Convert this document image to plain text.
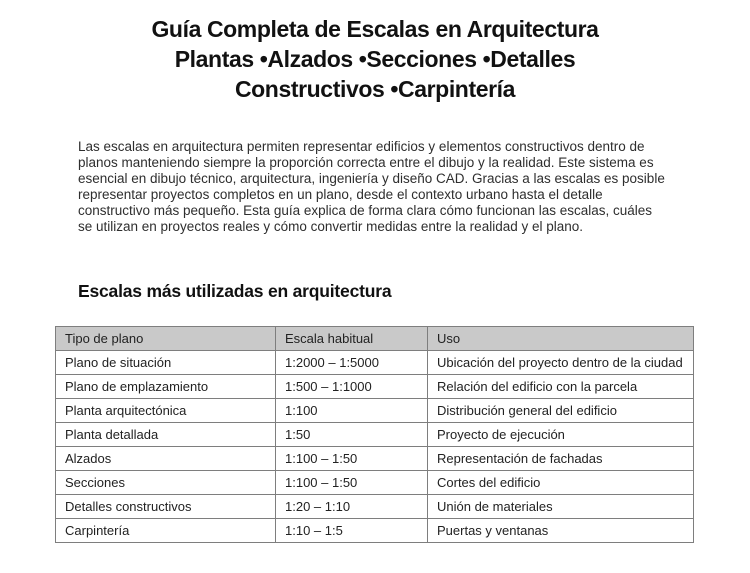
Guía Completa de Escalas en Arquitectura
Plantas •Alzados •Secciones •Detalles
Constructivos •Carpintería

Las escalas en arquitectura permiten representar edificios y elementos constructivos dentro de planos manteniendo siempre la proporción correcta entre el dibujo y la realidad. Este sistema es esencial en dibujo técnico, arquitectura, ingeniería y diseño CAD. Gracias a las escalas es posible representar proyectos completos en un plano, desde el contexto urbano hasta el detalle constructivo más pequeño. Esta guía explica de forma clara cómo funcionan las escalas, cuáles se utilizan en proyectos reales y cómo convertir medidas entre la realidad y el plano.

Escalas más utilizadas en arquitectura
Tipo de plano	Escala habitual	Uso
Plano de situación	1:2000 – 1:5000	Ubicación del proyecto dentro de la ciudad
Plano de emplazamiento	1:500 – 1:1000	Relación del edificio con la parcela
Planta arquitectónica	1:100	Distribución general del edificio
Planta detallada	1:50	Proyecto de ejecución
Alzados	1:100 – 1:50	Representación de fachadas
Secciones	1:100 – 1:50	Cortes del edificio
Detalles constructivos	1:20 – 1:10	Unión de materiales
Carpintería	1:10 – 1:5	Puertas y ventanas
